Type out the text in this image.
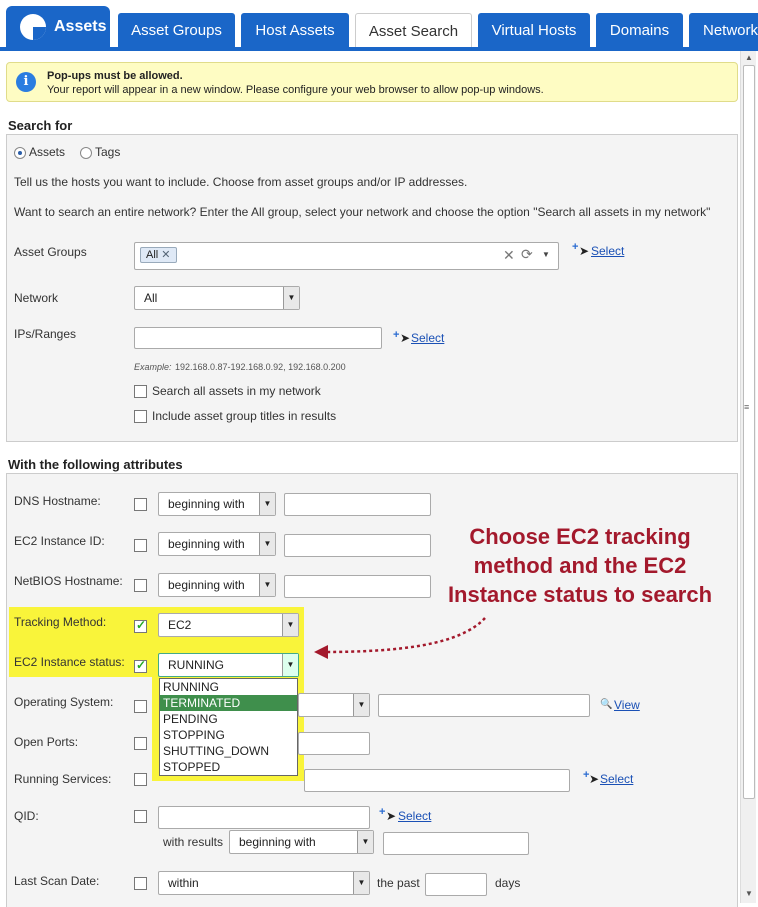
Assets	Asset Groups	Host Assets	Asset Search	Virtual Hosts	Domains	Network
▲
≡
▼
i	Pop-ups must be allowed.
Your report will appear in a new window. Please configure your web browser to allow pop-up windows.
Search for
Assets Tags
Tell us the hosts you want to include. Choose from asset groups and/or IP addresses.
Want to search an entire network? Enter the All group, select your network and choose the option "Search all assets in my network"
Asset Groups	All ✕	✕ ⟳ ▼
+ ➤ Select
Network	All	▼
IPs/Ranges	+ ➤ Select
Example: 192.168.0.87-192.168.0.92, 192.168.0.200
Search all assets in my network
Include asset group titles in results
With the following attributes
DNS Hostname:	beginning with	▼
EC2 Instance ID:	beginning with	▼
NetBIOS Hostname:	beginning with	▼
Tracking Method: ✓	EC2	▼
EC2 Instance status: ✓	RUNNING	▼
RUNNING
TERMINATED
PENDING
STOPPING
SHUTTING_DOWN
STOPPED
Operating System:	▼	🔍 View
Open Ports:
Running Services:	+ ➤ Select
QID:	+ ➤ Select
with results	beginning with	▼
Last Scan Date:	within	▼ the past	days
Choose EC2 tracking method and the EC2 Instance status to search
